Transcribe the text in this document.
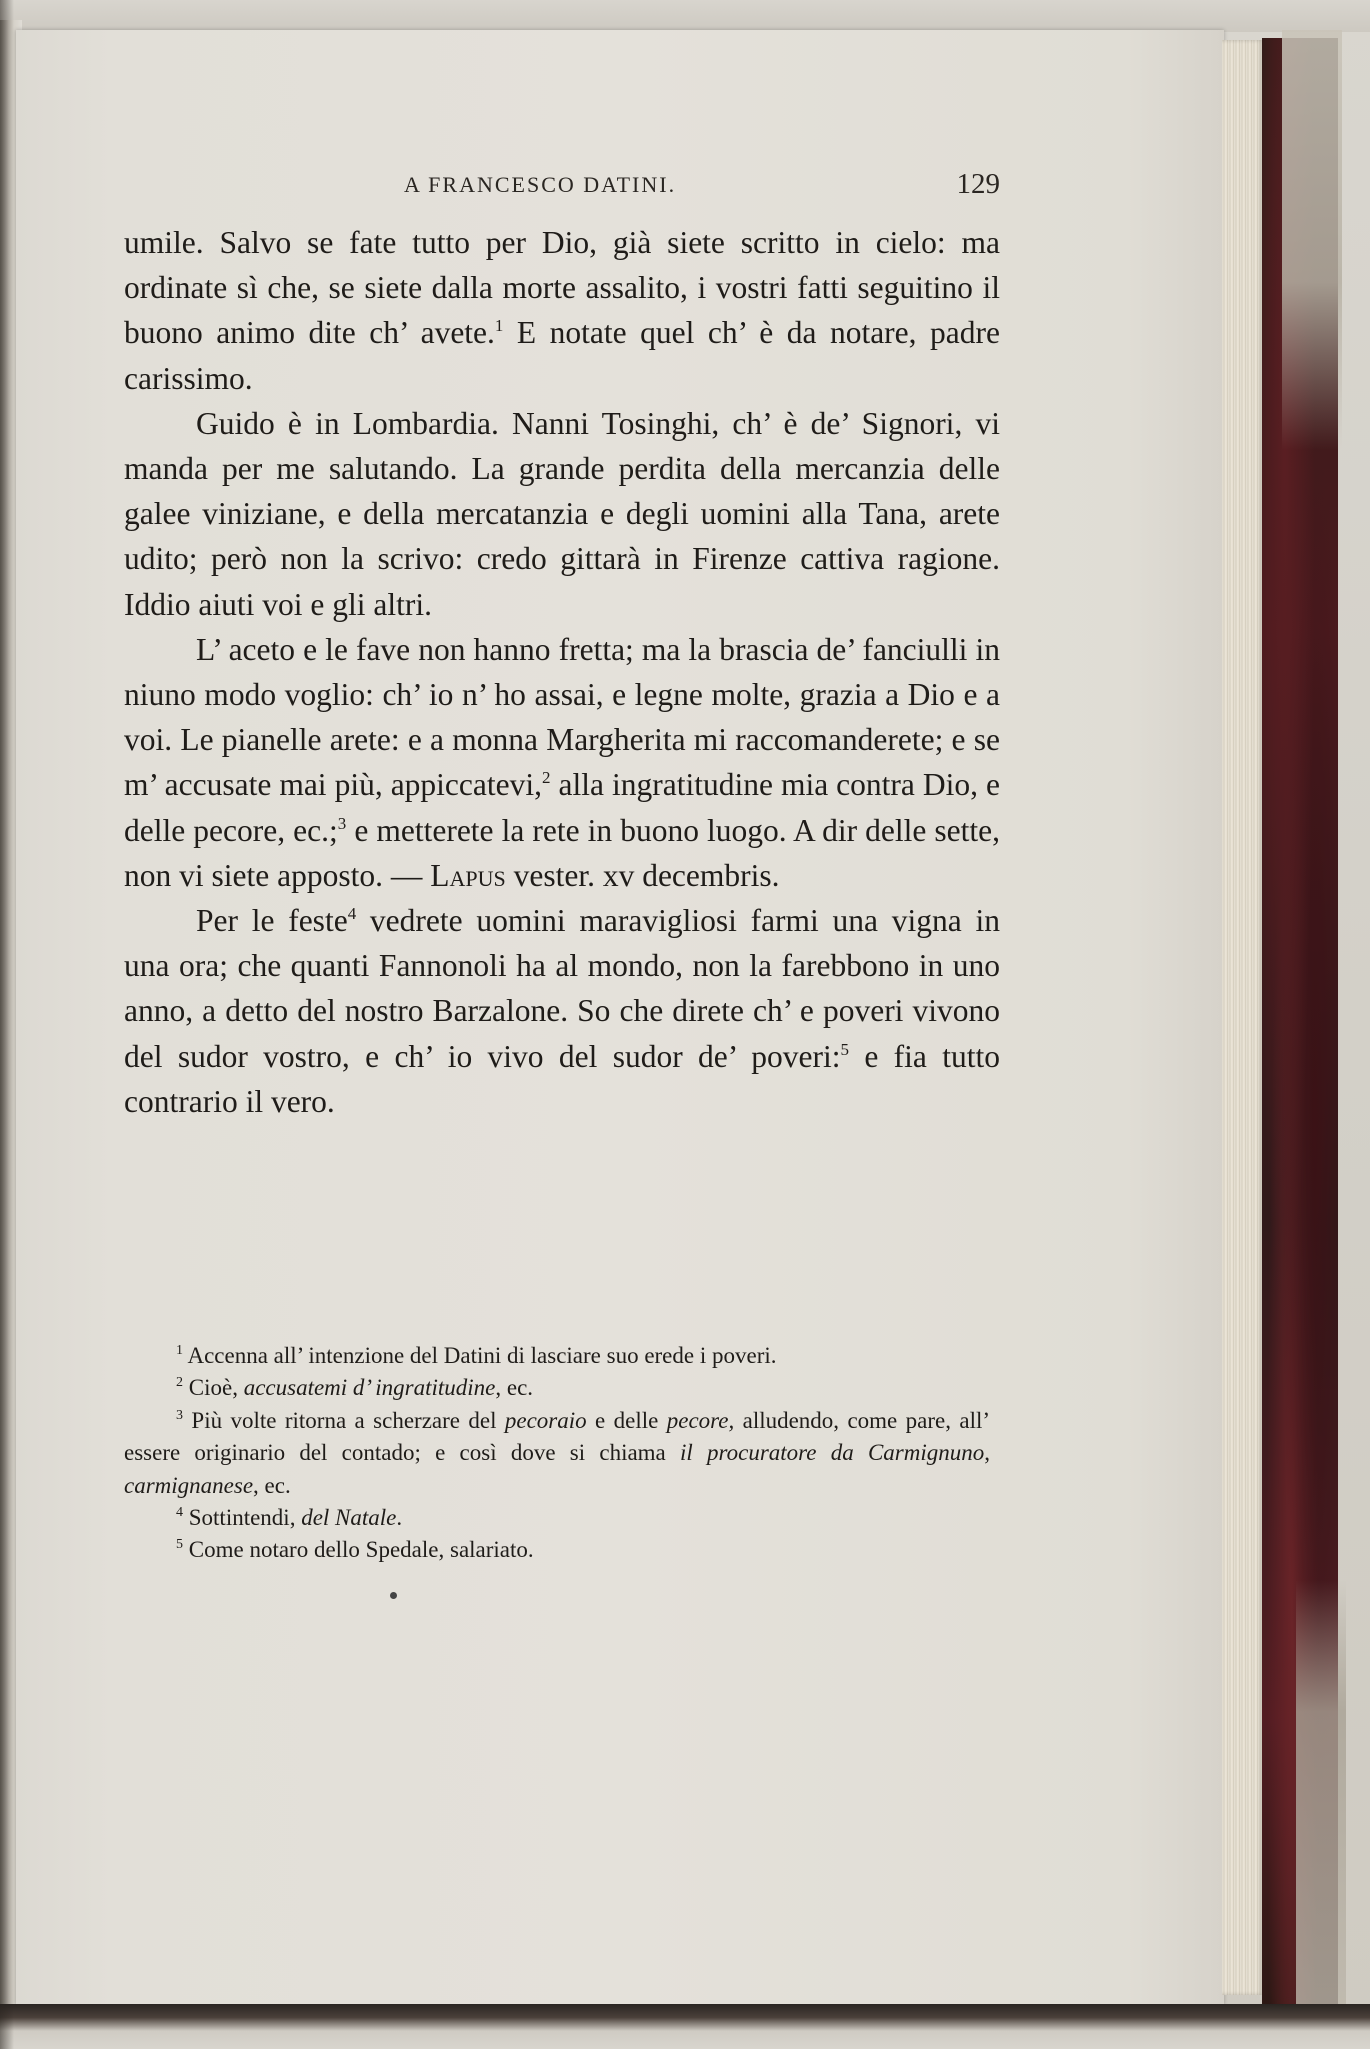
A FRANCESCO DATINI.	129

umile. Salvo se fate tutto per Dio, già siete scritto in cielo: ma ordinate sì che, se siete dalla morte assalito, i vostri fatti seguitino il buono animo dite ch’ avete.$^1$ E notate quel ch’ è da notare, padre carissimo.

Guido è in Lombardia. Nanni Tosinghi, ch’ è de’ Signori, vi manda per me salutando. La grande perdita della mercanzia delle galee viniziane, e della mercatanzia e degli uomini alla Tana, arete udito; però non la scrivo: credo gittarà in Firenze cattiva ragione. Iddio aiuti voi e gli altri.

L’ aceto e le fave non hanno fretta; ma la brascia de’ fanciulli in niuno modo voglio: ch’ io n’ ho assai, e legne molte, grazia a Dio e a voi. Le pianelle arete: e a monna Margherita mi raccomanderete; e se m’ accusate mai più, appiccatevi,$^2$ alla ingratitudine mia contra Dio, e delle pecore, ec.;$^3$ e metterete la rete in buono luogo. A dir delle sette, non vi siete apposto. — Lapus vester. xv decembris.

Per le feste$^4$ vedrete uomini maravigliosi farmi una vigna in una ora; che quanti Fannonoli ha al mondo, non la farebbono in uno anno, a detto del nostro Barzalone. So che direte ch’ e poveri vivono del sudor vostro, e ch’ io vivo del sudor de’ poveri:$^5$ e fia tutto contrario il vero.

$^1$ Accenna all’ intenzione del Datini di lasciare suo erede i poveri.

$^2$ Cioè, accusatemi d’ ingratitudine, ec.

$^3$ Più volte ritorna a scherzare del pecoraio e delle pecore, alludendo, come pare, all’ essere originario del contado; e così dove si chiama il procuratore da Carmignuno, carmignanese, ec.

$^4$ Sottintendi, del Natale.

$^5$ Come notaro dello Spedale, salariato.
